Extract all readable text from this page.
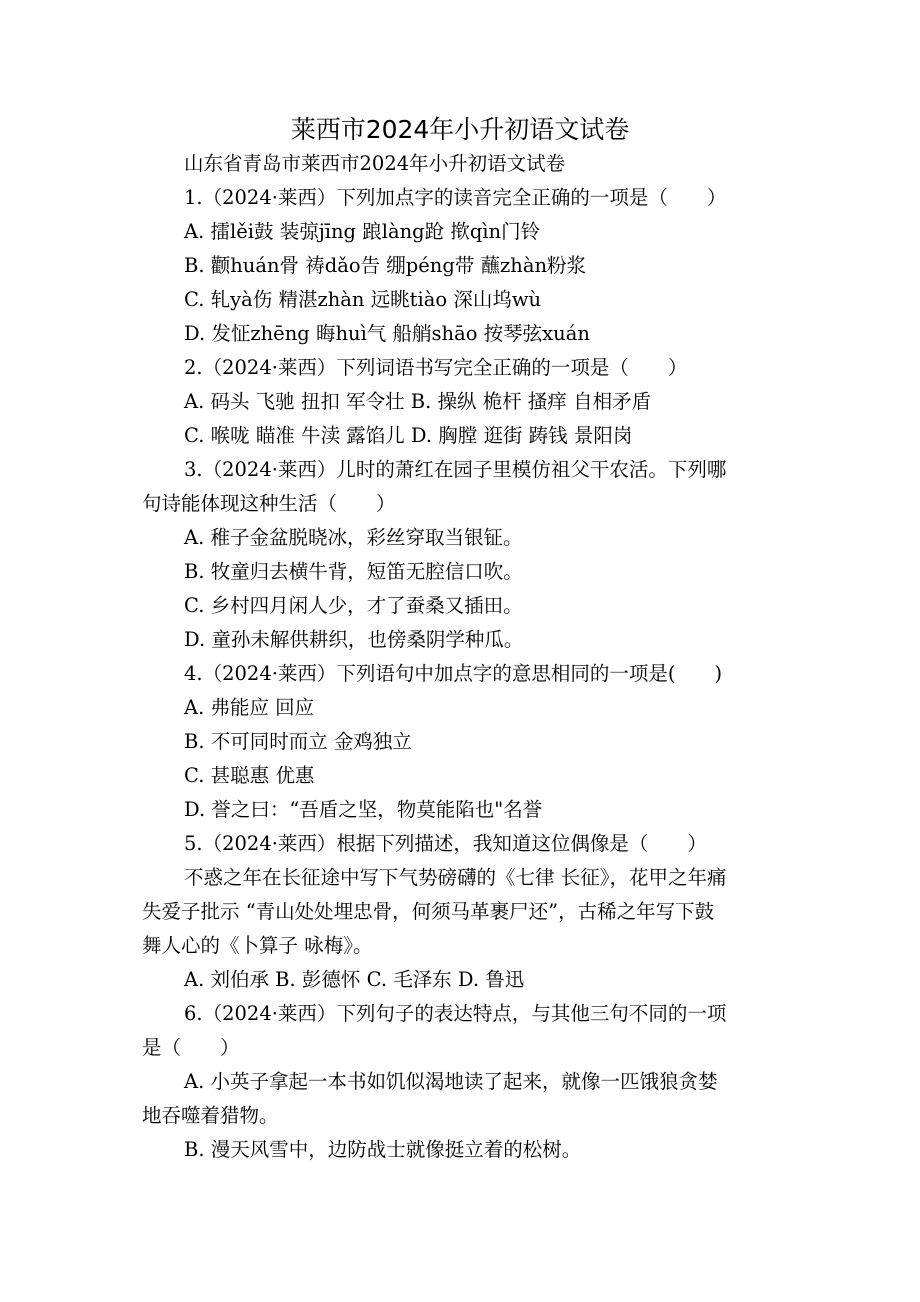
莱西市2024年小升初语文试卷
山东省青岛市莱西市2024年小升初语文试卷
1.（2024·莱西）下列加点字的读音完全正确的一项是（　　）
A. 擂lěi鼓 装弶jīng 踉làng跄 揿qìn门铃
B. 颧huán骨 祷dǎo告 绷péng带 蘸zhàn粉浆
C. 轧yà伤 精湛zhàn 远眺tiào 深山坞wù
D. 发怔zhēng 晦huì气 船艄shāo 按琴弦xuán
2.（2024·莱西）下列词语书写完全正确的一项是（　　）
A. 码头 飞驰 扭扣 军令壮 B. 操纵 桅杆 搔痒 自相矛盾
C. 喉咙 瞄准 牛渎 露馅儿 D. 胸膛 逛街 踌钱 景阳岗
3.（2024·莱西）儿时的萧红在园子里模仿祖父干农活。下列哪
句诗能体现这种生活（　　）
A. 稚子金盆脱晓冰，彩丝穿取当银钲。
B. 牧童归去横牛背，短笛无腔信口吹。
C. 乡村四月闲人少，才了蚕桑又插田。
D. 童孙未解供耕织，也傍桑阴学种瓜。
4.（2024·莱西）下列语句中加点字的意思相同的一项是(　　)
A. 弗能应 回应
B. 不可同时而立 金鸡独立
C. 甚聪惠 优惠
D. 誉之曰：“吾盾之坚，物莫能陷也"名誉
5.（2024·莱西）根据下列描述，我知道这位偶像是（　　）
不惑之年在长征途中写下气势磅礴的《七律 长征》，花甲之年痛
失爱子批示 “青山处处埋忠骨，何须马革裹尸还”，古稀之年写下鼓
舞人心的《卜算子 咏梅》。
A. 刘伯承 B. 彭德怀 C. 毛泽东 D. 鲁迅
6.（2024·莱西）下列句子的表达特点，与其他三句不同的一项
是（　　）
A. 小英子拿起一本书如饥似渴地读了起来，就像一匹饿狼贪婪
地吞噬着猎物。
B. 漫天风雪中，边防战士就像挺立着的松树。
